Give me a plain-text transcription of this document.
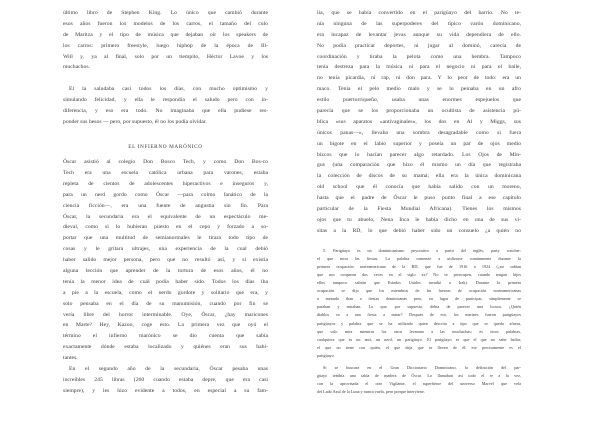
último libro de Stephen King. Lo único que cambió durante
esos años fueron los modelos de los carros, el tamaño del culo
de Maritza y el tipo de música que dejaban oír los speakers de
los carros: primero freestyle, luego hiphop de la época de Ill-
Will y, ya al final, solo por un tiempito, Héctor Lavoe y los
muchachos.
El la saludaba casi todos los días, con mucho optimismo y
simulando felicidad, y ella le respondía el saludo pero con in-
diferencia, y eso era todo. No imaginaba que ella pudiese res-
ponder sus besos — pero, por supuesto, él no los podía olvidar.
EL INFIERNO MARÓNICO
Óscar asistió al colegio Don Bosco Tech, y como Don Bos-co
Tech era una escuela católica urbana para varones, estaba
repleta de cientos de adolescentes hiperactivos e inseguros y,
para un nerd gordo como Óscar —para colmo fanático de la
ciencia ficción—, era una fuente de angustia sin fin. Para
Óscar, la secundaria era el equivalente de un espectáculo me-
dieval, como si lo hubieran puesto en el cepo y forzado a so-
portar que una multitud de semianormales le tirara todo tipo de
cosas y le gritara ultrajes, una experiencia de la cual debió
haber salido mejor persona, pero que no resultó así, y si existía
alguna lección que aprender de la tortura de esos años, él no
tenía la menor idea de cuál podía haber sido. Todos los días iba
a pie a la escuela, como el nerdo gordote y solitario que era, y
solo pensaba en el día de su manumisión, cuando por fin se
vería libre del horror interminable. Oye, Óscar, ¿hay maricones
en Marte? Hey, Kazoo, coge esto. La primera vez que oyó el
término el infierno maróníco se dio cuenta que sabía
exactamente dónde estaba localizado y quiénes eran sus habi-
tantes.
En el segundo año de la secundaria, Óscar pesaba unas
increíbles 245 libras (260 cuando estaba depre, que era casi
siempre), y les hizo evidente a todos, en especial a su fam-
lia, que se había convertido en el parigüayo del barrio. No te-
nía ninguna de las superpoderes del típico varón dominicano,
era incapaz de levantar jevas aunque su vida dependiera de ello.
No podía practicar deportes, ni jugar al dominó, carecía de
coordinación y tiraba la pelota como una hembra. Tampoco
tenía destreza para la música ni para el negocio ni para el baile,
no tenía picardía, ni rap, ni don para. Y lo peor de todo: era un
maco. Tenía el pelo medio malo y se lo peinaba en un afro
estilo puertorriqueño, usaba unas enormes espejuelos que
parecía que se los proporcionaba un ocultista de asistencia pú-
blica «sus aparatos «antivaginales», los dos en Al y Miggs, sus
únicos panas—», llevaba una sombra desagradable como si fuera
un bigote en el labio superior y poseía un par de ojos medio
bizcos que lo hacían parecer algo retardado. Los Ojos de Min-
gus (una comparación que hizo él mismo un día que registraba
la colección de discos de su mamá; ella era la única dominicana
old school que él conocía que había salido con un moreno,
hasta que el padre de Óscar le puso punto final a ese capítulo
particular de la Fiesta Mundial Africana). Tienes los mismos
ojos que tu abuelo, Nena Inca le había dicho en una de sus vi-
sitas a la RD, lo que debió haber sido un consuelo ¿a quién no
5. Parigüayo es un dominicanismo peyorativo a partir del inglés, party watcher:
el que mira las fiestas. La palabra comenzó a utilizarse comúnmente durante la
primera ocupación norteamericana de la RD, que fue de 1916 a 1924 (¿no sabían
que nos ocuparon dos veces en el siglo xx? No se preocupen, cuando tengan hijos
ellos tampoco sabrán que Estados Unidos invadió a Irak). Durante la primera
ocupación se dijo que los miembros de las fuerzas de ocupación norteamericanas
a menudo iban a fiestas dominicanas pero, en lugar de participar, simplemente se
paraban y miraban. Lo que, por supuesto, debía de parecer una locura. ¿Quién
diablos va a una fiesta a mirar? Después de eso, los marines fueron parigüayos
parigüayos y palabra que se ha utilizado quien descrita a tipo que se queda afuera,
que solo mira mientras los otros levantan a las muchachas; es otros palabras,
cualquiera que es un anti, un nerd, un parigüayo. El parigüayo es que el que no sabe bailar,
el que no tiene con quién, el que deja que se lleven de él: ese precisamente es el
parigüayo.
Si se buscara en el Gran Diccionario Dominicano, la definición del par-
güayo tendría una tabla de madera de Óscar. Lo llamaban así todo el re a la vez,
con la aprovisada el otro Vigilante, el superhéroe del universo Marvel que vela
del Lado Azul de la Luna y nunca vuela, pero porque interviene.
